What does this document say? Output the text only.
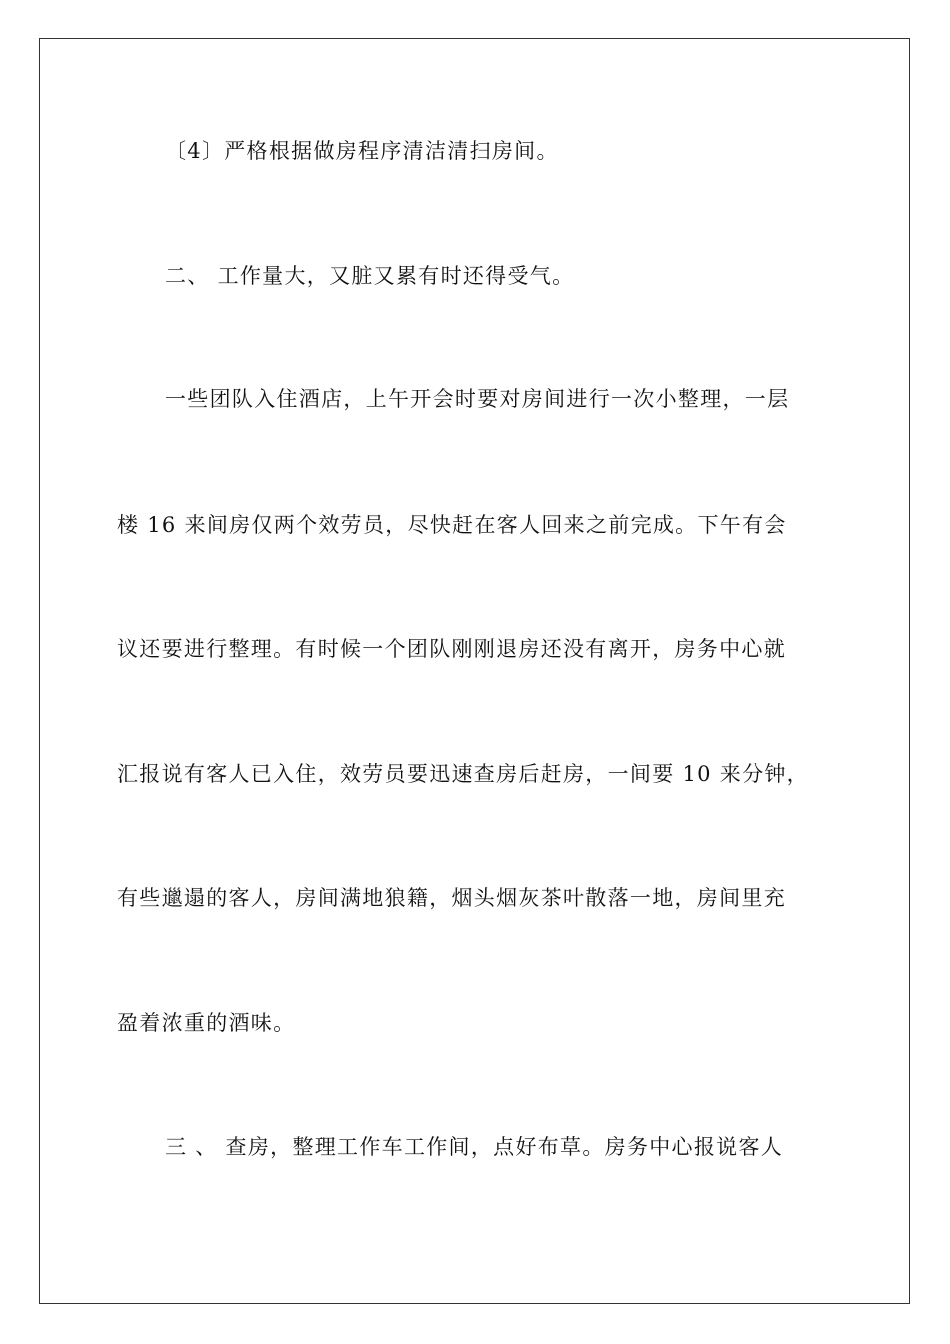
〔4〕严格根据做房程序清洁清扫房间。
二、 工作量大，又脏又累有时还得受气。
一些团队入住酒店，上午开会时要对房间进行一次小整理，一层
楼 16 来间房仅两个效劳员，尽快赶在客人回来之前完成。下午有会
议还要进行整理。有时候一个团队刚刚退房还没有离开，房务中心就
汇报说有客人已入住，效劳员要迅速查房后赶房，一间要 10 来分钟，
有些邋遢的客人，房间满地狼籍，烟头烟灰茶叶散落一地，房间里充
盈着浓重的酒味。
三 、 查房，整理工作车工作间，点好布草。房务中心报说客人
